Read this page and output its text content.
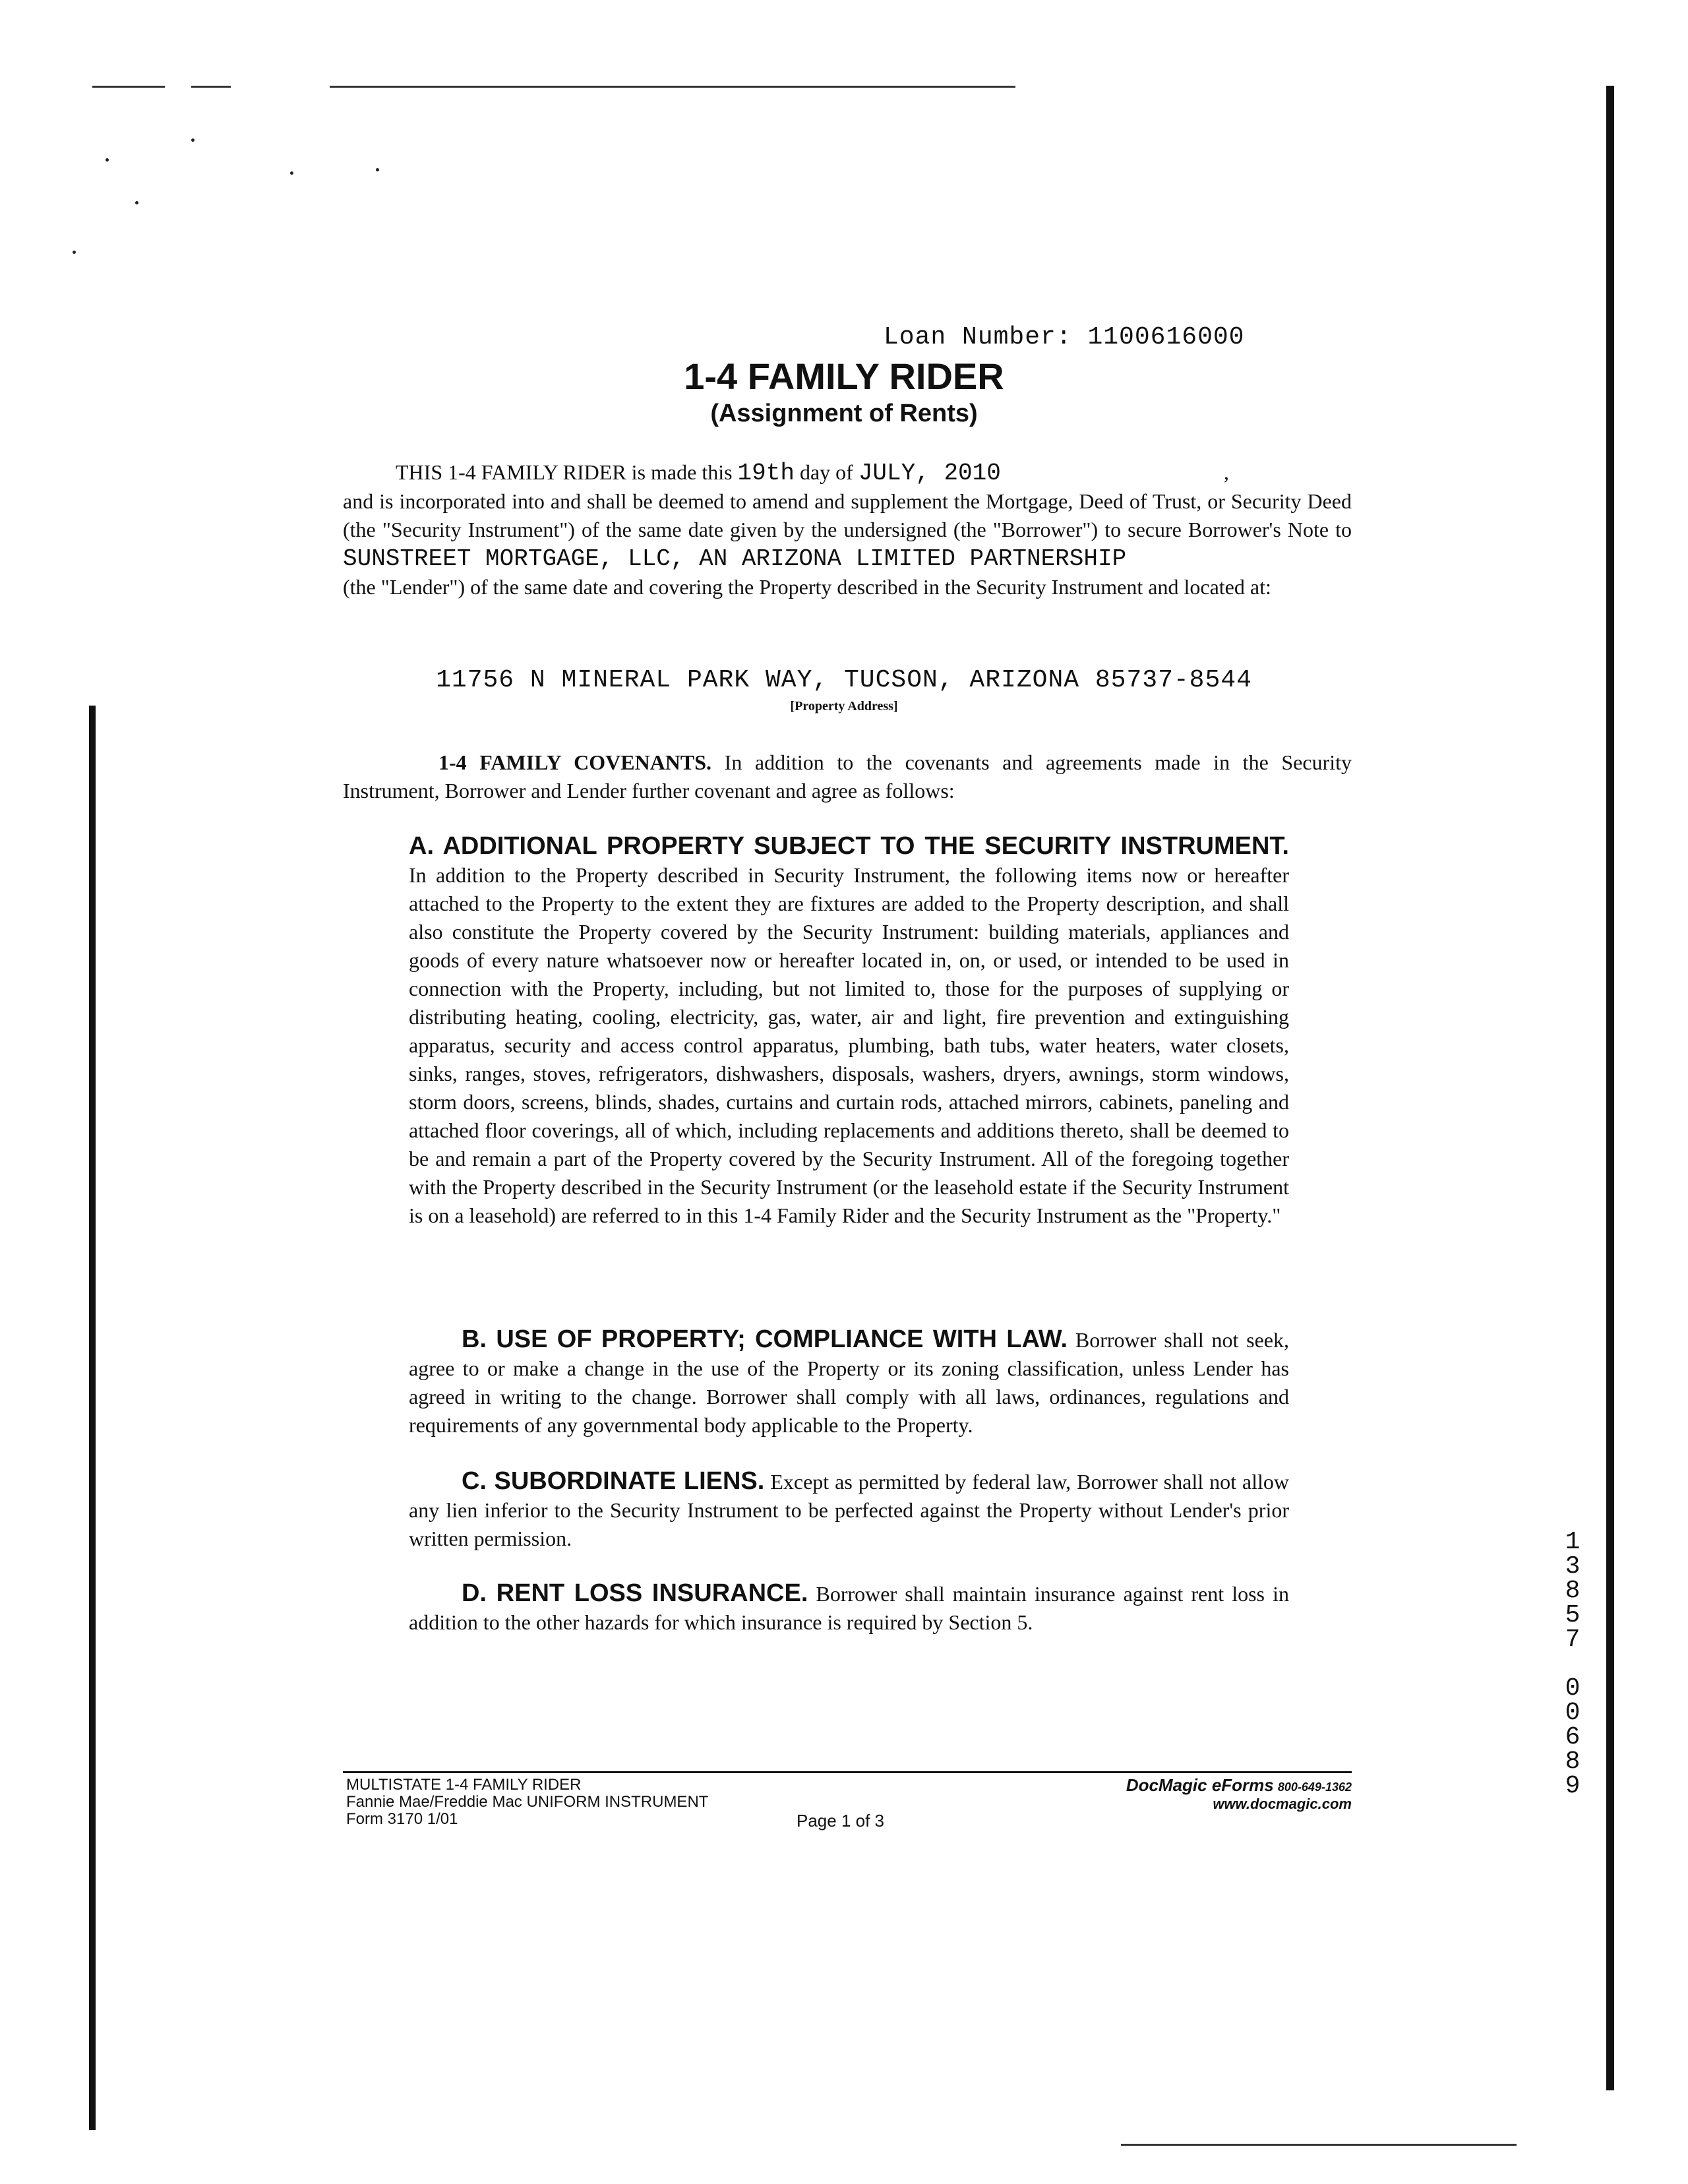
Loan Number: 1100616000
1-4 FAMILY RIDER
(Assignment of Rents)
THIS 1-4 FAMILY RIDER is made this 19th day of JULY, 2010	,
and is incorporated into and shall be deemed to amend and supplement the Mortgage, Deed of Trust, or Security Deed (the "Security Instrument") of the same date given by the undersigned (the "Borrower") to secure Borrower's Note to SUNSTREET MORTGAGE, LLC, AN ARIZONA LIMITED PARTNERSHIP
(the "Lender") of the same date and covering the Property described in the Security Instrument and located at:
11756 N MINERAL PARK WAY, TUCSON, ARIZONA 85737-8544
[Property Address]
1-4 FAMILY COVENANTS. In addition to the covenants and agreements made in the Security Instrument, Borrower and Lender further covenant and agree as follows:
A. ADDITIONAL PROPERTY SUBJECT TO THE SECURITY INSTRUMENT. In addition to the Property described in Security Instrument, the following items now or hereafter attached to the Property to the extent they are fixtures are added to the Property description, and shall also constitute the Property covered by the Security Instrument: building materials, appliances and goods of every nature whatsoever now or hereafter located in, on, or used, or intended to be used in connection with the Property, including, but not limited to, those for the purposes of supplying or distributing heating, cooling, electricity, gas, water, air and light, fire prevention and extinguishing apparatus, security and access control apparatus, plumbing, bath tubs, water heaters, water closets, sinks, ranges, stoves, refrigerators, dishwashers, disposals, washers, dryers, awnings, storm windows, storm doors, screens, blinds, shades, curtains and curtain rods, attached mirrors, cabinets, paneling and attached floor coverings, all of which, including replacements and additions thereto, shall be deemed to be and remain a part of the Property covered by the Security Instrument. All of the foregoing together with the Property described in the Security Instrument (or the leasehold estate if the Security Instrument is on a leasehold) are referred to in this 1-4 Family Rider and the Security Instrument as the "Property."
B. USE OF PROPERTY; COMPLIANCE WITH LAW. Borrower shall not seek, agree to or make a change in the use of the Property or its zoning classification, unless Lender has agreed in writing to the change. Borrower shall comply with all laws, ordinances, regulations and requirements of any governmental body applicable to the Property.
C. SUBORDINATE LIENS. Except as permitted by federal law, Borrower shall not allow any lien inferior to the Security Instrument to be perfected against the Property without Lender's prior written permission.
D. RENT LOSS INSURANCE. Borrower shall maintain insurance against rent loss in addition to the other hazards for which insurance is required by Section 5.
1
3
8
5
7
0
0
6
8
9
MULTISTATE 1-4 FAMILY RIDER
Fannie Mae/Freddie Mac UNIFORM INSTRUMENT
Form 3170 1/01	Page 1 of 3
DocMagic eForms 800-649-1362
www.docmagic.com
